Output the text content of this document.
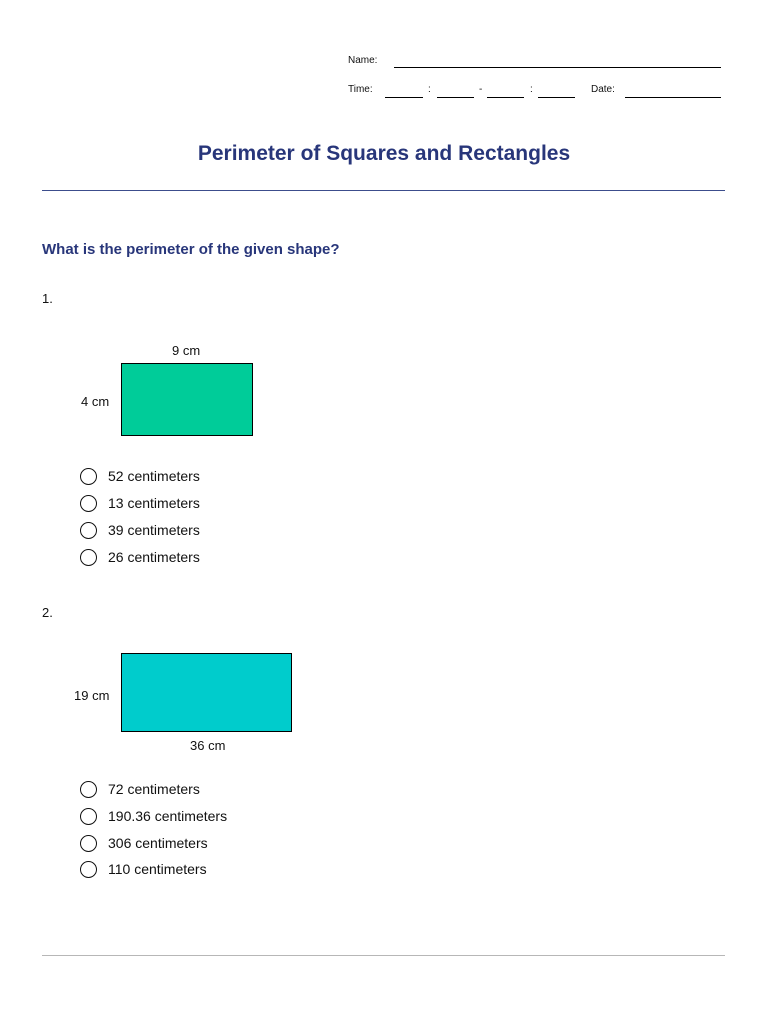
Name:
Time:	:	-	:	Date:
Perimeter of Squares and Rectangles
What is the perimeter of the given shape?
1.
9 cm
4 cm
52 centimeters
13 centimeters
39 centimeters
26 centimeters
2.
19 cm
36 cm
72 centimeters
190.36 centimeters
306 centimeters
110 centimeters
